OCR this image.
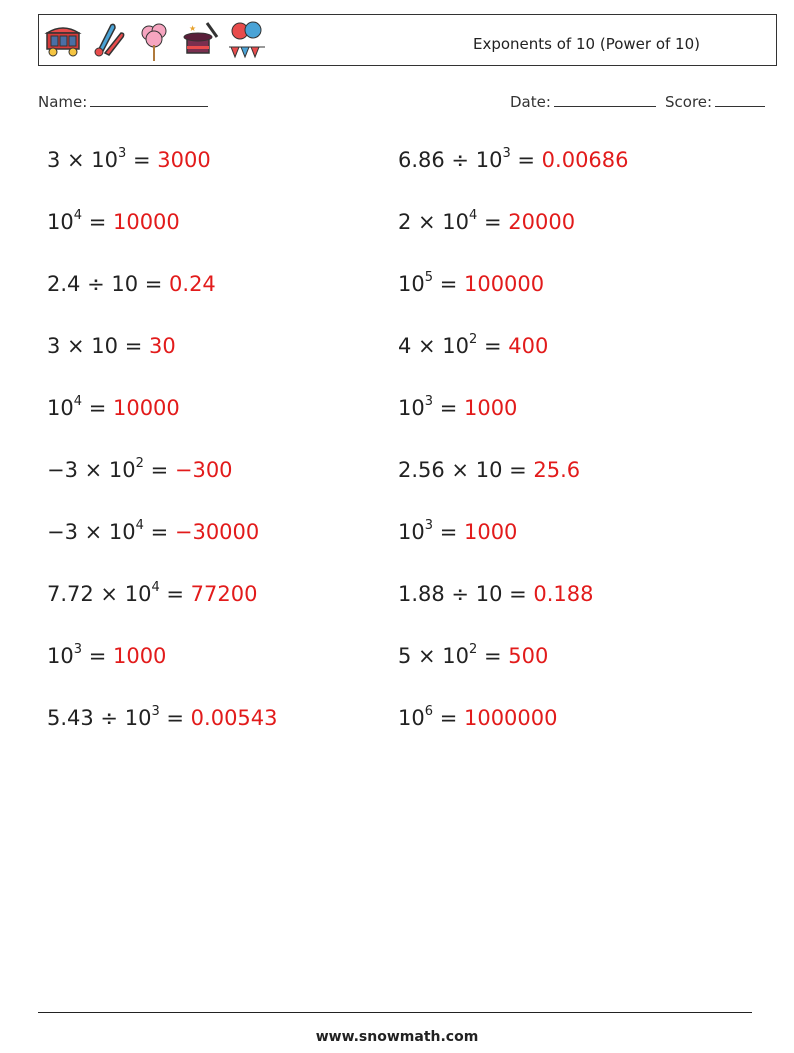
★
Exponents of 10 (Power of 10)
Name:	Date:	Score:
$3 \times 10^3 = 3000$
$10^4 = 10000$
2.4 ÷ 10 = 0.24
3 × 10 = 30
$10^4 = 10000$
$-3 \times 10^2 = -300$
$-3 \times 10^4 = -30000$
$7.72 \times 10^4 = 77200$
$10^3 = 1000$
$5.43 \div 10^3 = 0.00543$
$6.86 \div 10^3 = 0.00686$
$2 \times 10^4 = 20000$
$10^5 = 100000$
$4 \times 10^2 = 400$
$10^3 = 1000$
2.56 × 10 = 25.6
$10^3 = 1000$
1.88 ÷ 10 = 0.188
$5 \times 10^2 = 500$
$10^6 = 1000000$
www.snowmath.com
